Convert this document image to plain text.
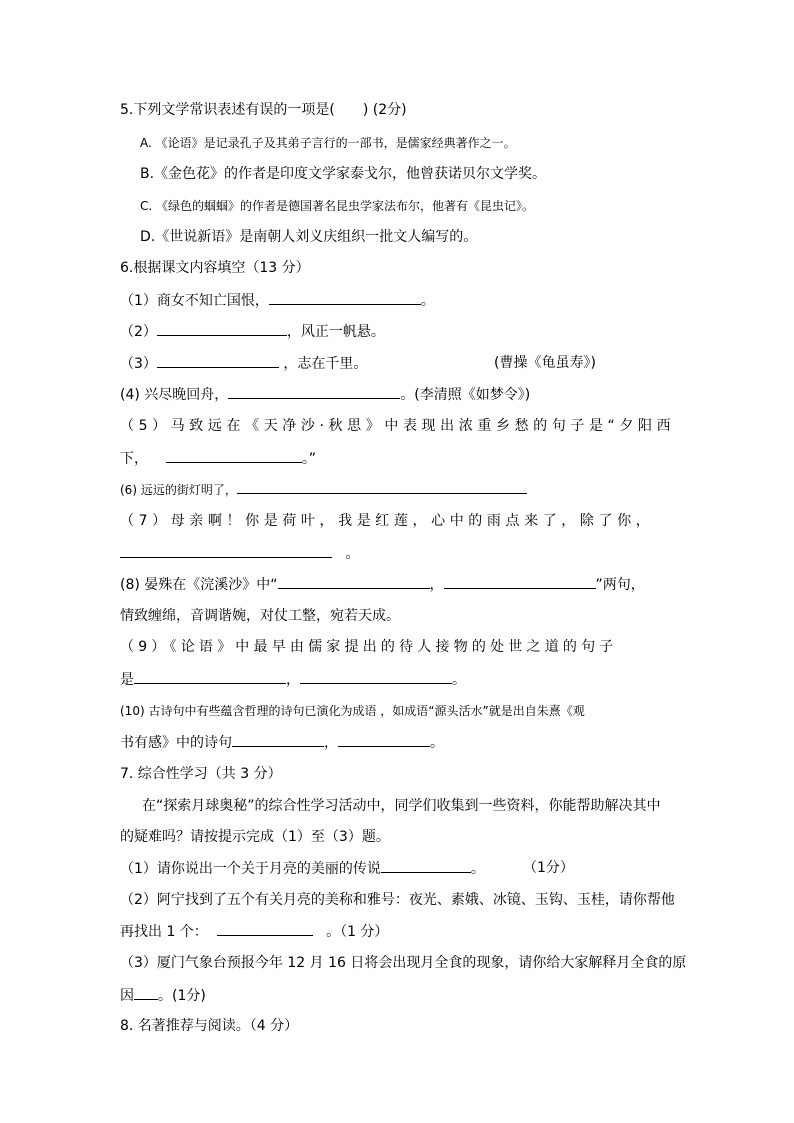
5.下列文学常识表述有误的一项是(　　) (2分)
A. 《论语》是记录孔子及其弟子言行的一部书，是儒家经典著作之一。
B.《金色花》的作者是印度文学家泰戈尔，他曾获诺贝尔文学奖。
C. 《绿色的蝈蝈》的作者是德国著名昆虫学家法布尔，他著有《昆虫记》。
D.《世说新语》是南朝人刘义庆组织一批文人编写的。
6.根据课文内容填空（13 分）
（1）商女不知亡国恨，	。
（2）	，风正一帆悬。
（3）	，志在千里。	(曹操《龟虽寿》)
(4) 兴尽晚回舟，	。(李清照《如梦令》)
（5）马致远在《天净沙·秋思》中表现出浓重乡愁的句子是“夕阳西
下，	。”
(6) 远远的街灯明了，
（7）母亲啊！你是荷叶，我是红莲，心中的雨点来了，除了你，
。
(8) 晏殊在《浣溪沙》中“	，	”两句，
情致缠绵，音调谐婉，对仗工整，宛若天成。
（9）《论语》中最早由儒家提出的待人接物的处世之道的句子
是	，	。
(10) 古诗句中有些蕴含哲理的诗句已演化为成语 ，如成语“源头活水”就是出自朱熹《观
书有感》中的诗句	，	。
7. 综合性学习（共 3 分）
在“探索月球奥秘”的综合性学习活动中，同学们收集到一些资料，你能帮助解决其中
的疑难吗？请按提示完成（1）至（3）题。
（1）请你说出一个关于月亮的美丽的传说	。	（1分）
（2）阿宁找到了五个有关月亮的美称和雅号：夜光、素娥、冰镜、玉钩、玉桂，请你帮他
再找出 1 个：	。（1 分）
（3）厦门气象台预报今年 12 月 16 日将会出现月全食的现象，请你给大家解释月全食的原
因 。(1分)
8. 名著推荐与阅读。（4 分）
